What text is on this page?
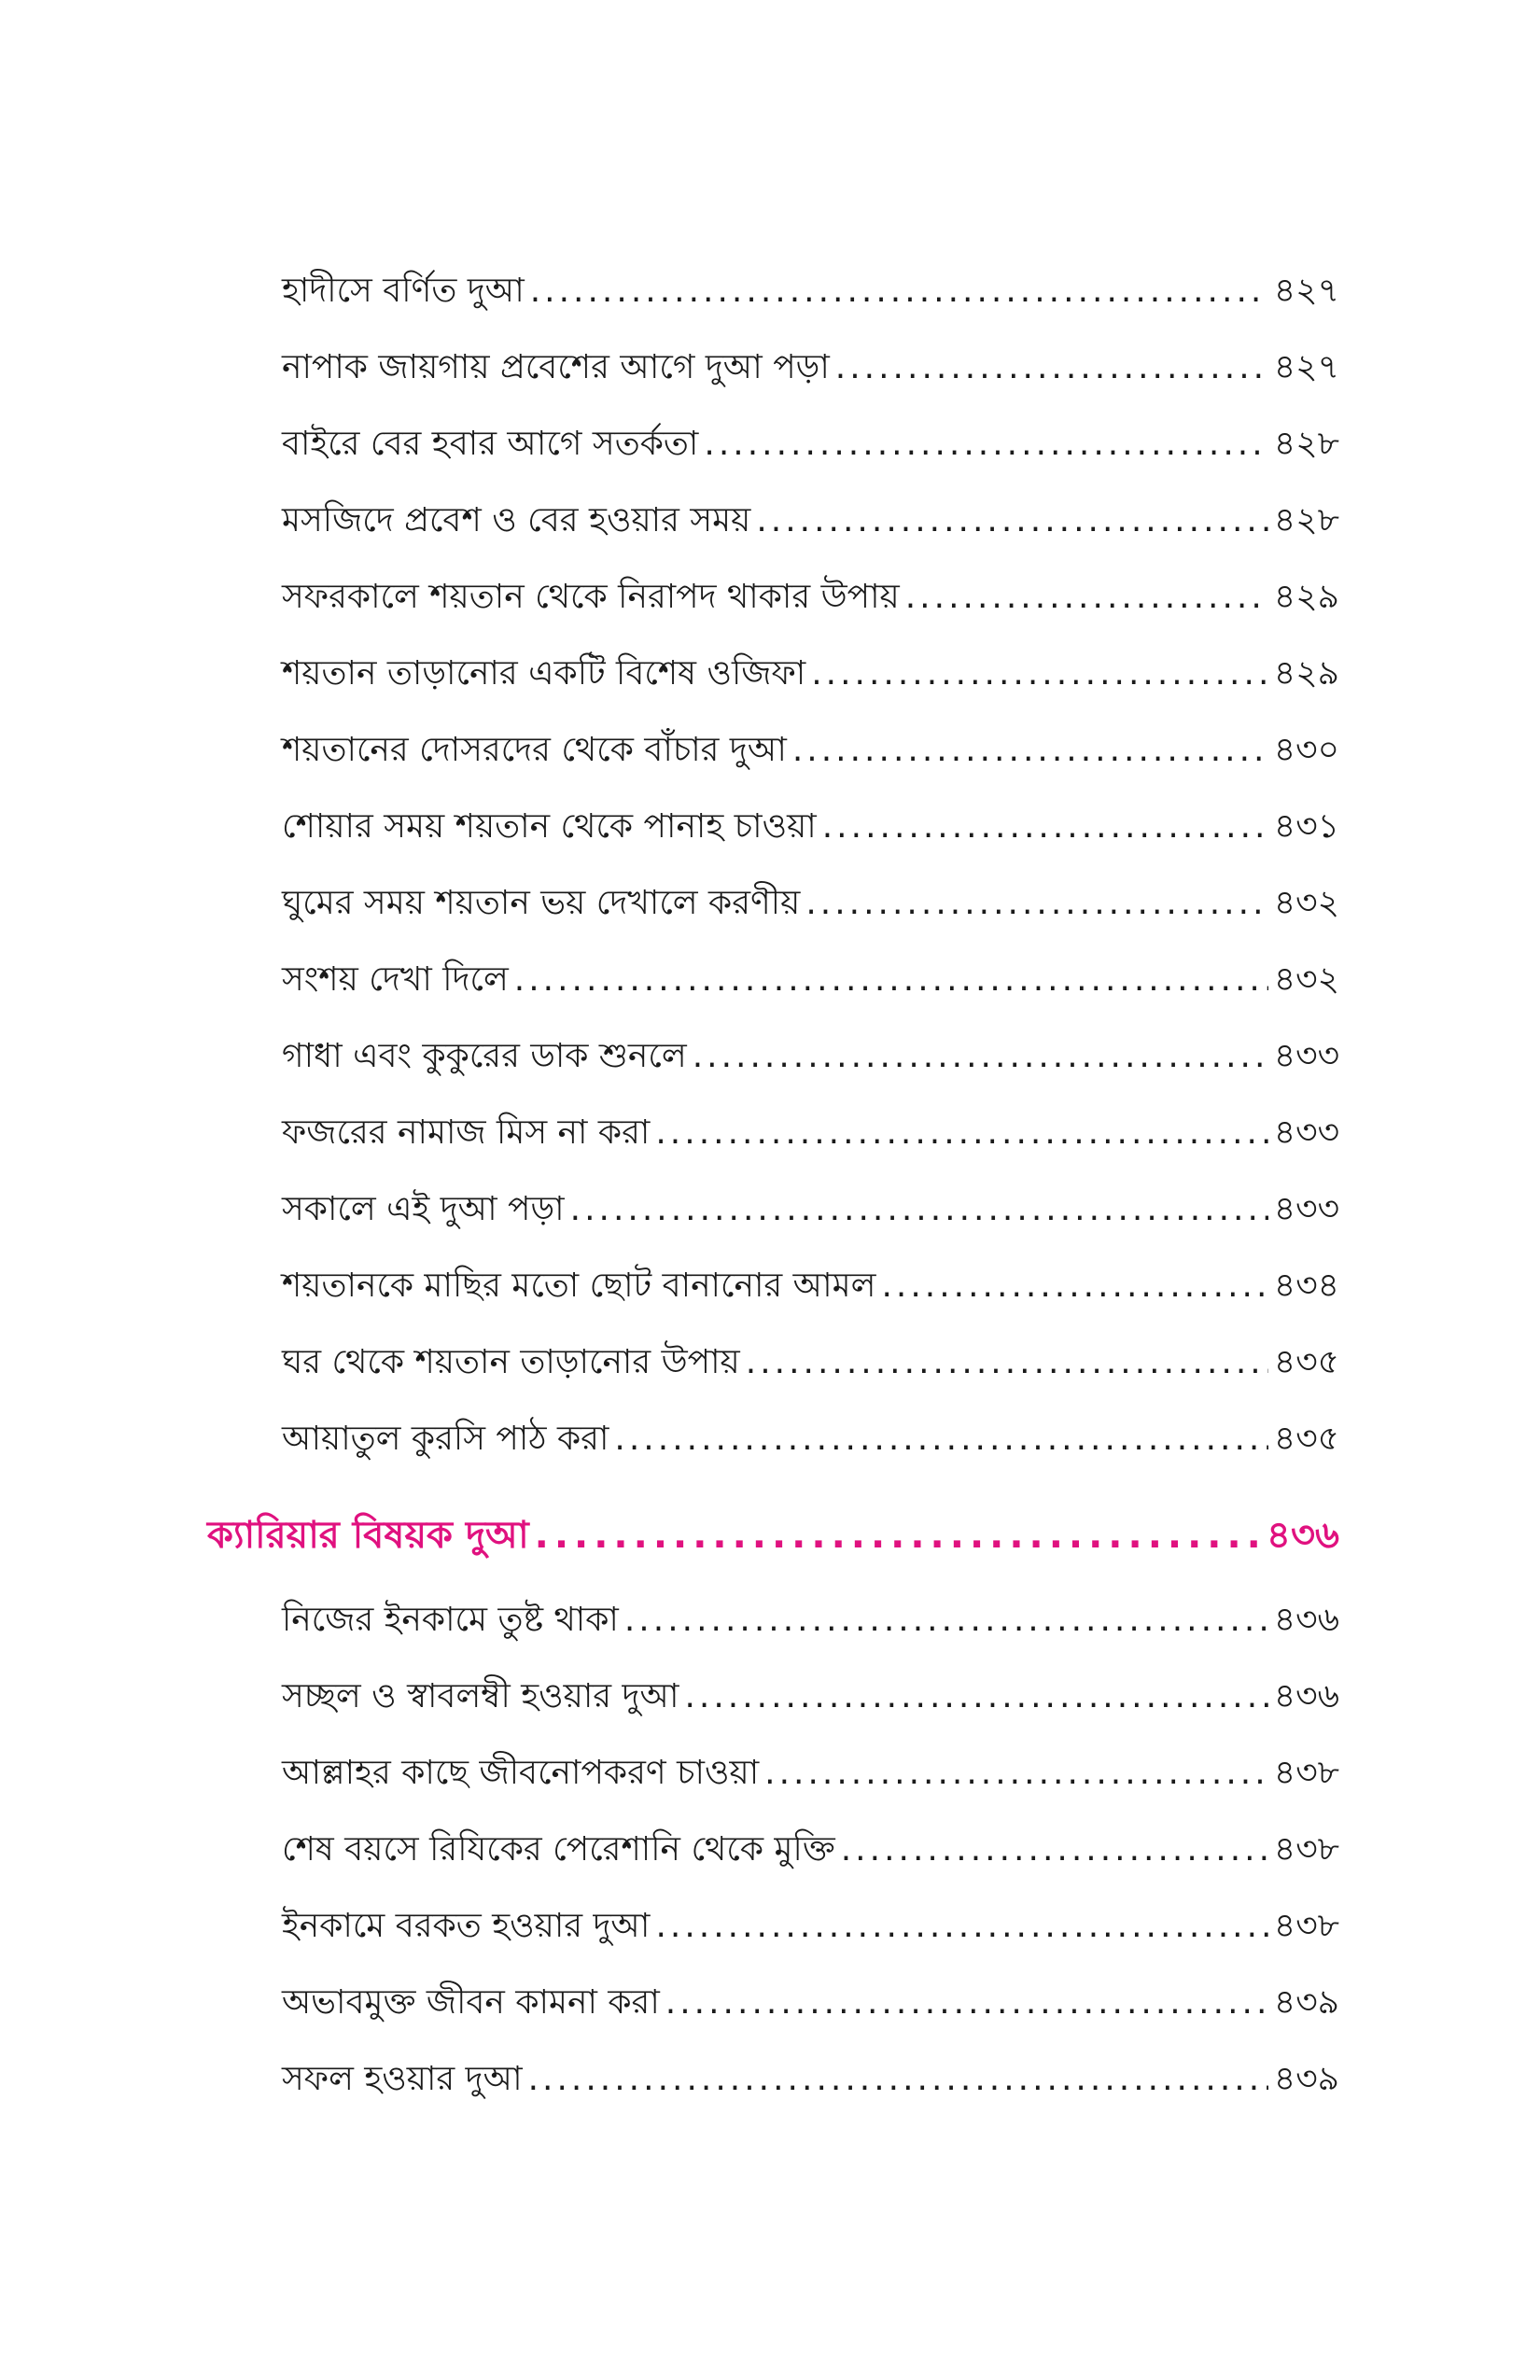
হাদীসে বর্ণিত দুআ .....	৪২৭
নাপাক জায়গায় প্রবেশের আগে দুআ পড়া .....	৪২৭
বাইরে বের হবার আগে সতর্কতা .....	৪২৮
মসজিদে প্রবেশ ও বের হওয়ার সময় .....	৪২৮
সফরকালে শয়তান থেকে নিরাপদ থাকার উপায় .....	৪২৯
শয়তান তাড়ানোর একটি বিশেষ ওজিফা .....	৪২৯
শয়তানের দোসরদের থেকে বাঁচার দুআ .....	৪৩০
শোয়ার সময় শয়তান থেকে পানাহ চাওয়া .....	৪৩১
ঘুমের সময় শয়তান ভয় দেখালে করণীয় .....	৪৩২
সংশয় দেখা দিলে .....	৪৩২
গাধা এবং কুকুরের ডাক শুনলে .....	৪৩৩
ফজরের নামাজ মিস না করা .....	৪৩৩
সকালে এই দুআ পড়া .....	৪৩৩
শয়তানকে মাছির মতো ছোট বানানোর আমল .....	৪৩৪
ঘর থেকে শয়তান তাড়ানোর উপায় .....	৪৩৫
আয়াতুল কুরসি পাঠ করা .....	৪৩৫
ক্যারিয়ার বিষয়ক দুআ .....	৪৩৬
নিজের ইনকামে তুষ্ট থাকা .....	৪৩৬
সচ্ছল ও স্বাবলম্বী হওয়ার দুআ .....	৪৩৬
আল্লাহর কাছে জীবনোপকরণ চাওয়া .....	৪৩৮
শেষ বয়সে রিযিকের পেরেশানি থেকে মুক্তি .....	৪৩৮
ইনকামে বরকত হওয়ার দুআ .....	৪৩৮
অভাবমুক্ত জীবন কামনা করা .....	৪৩৯
সফল হওয়ার দুআ .....	৪৩৯
